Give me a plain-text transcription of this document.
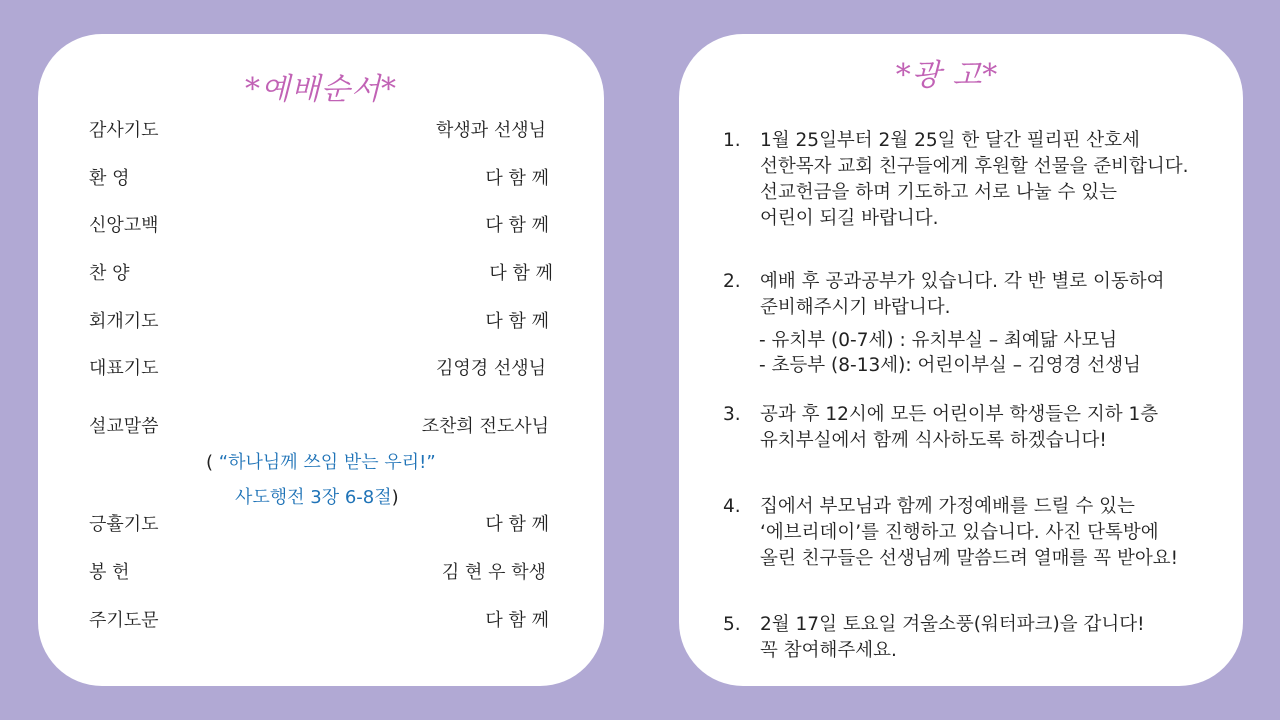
*예배순서*
감사기도	학생과 선생님
환 영	다 함 께
신앙고백	다 함 께
찬 양	다 함 께
회개기도	다 함 께
대표기도	김영경 선생님
설교말씀	조찬희 전도사님
( “하나님께 쓰임 받는 우리!”
사도행전 3장 6-8절)
긍휼기도	다 함 께
봉 헌	김 현 우 학생
주기도문	다 함 께
*광 고*
1. 1월 25일부터 2월 25일 한 달간 필리핀 산호세
선한목자 교회 친구들에게 후원할 선물을 준비합니다.
선교헌금을 하며 기도하고 서로 나눌 수 있는
어린이 되길 바랍니다.
2. 예배 후 공과공부가 있습니다. 각 반 별로 이동하여
준비해주시기 바랍니다.
- 유치부 (0-7세) : 유치부실 – 최예닮 사모님
- 초등부 (8-13세): 어린이부실 – 김영경 선생님
3. 공과 후 12시에 모든 어린이부 학생들은 지하 1층
유치부실에서 함께 식사하도록 하겠습니다!
4. 집에서 부모님과 함께 가정예배를 드릴 수 있는
‘에브리데이’를 진행하고 있습니다. 사진 단톡방에
올린 친구들은 선생님께 말씀드려 열매를 꼭 받아요!
5. 2월 17일 토요일 겨울소풍(워터파크)을 갑니다!
꼭 참여해주세요.
